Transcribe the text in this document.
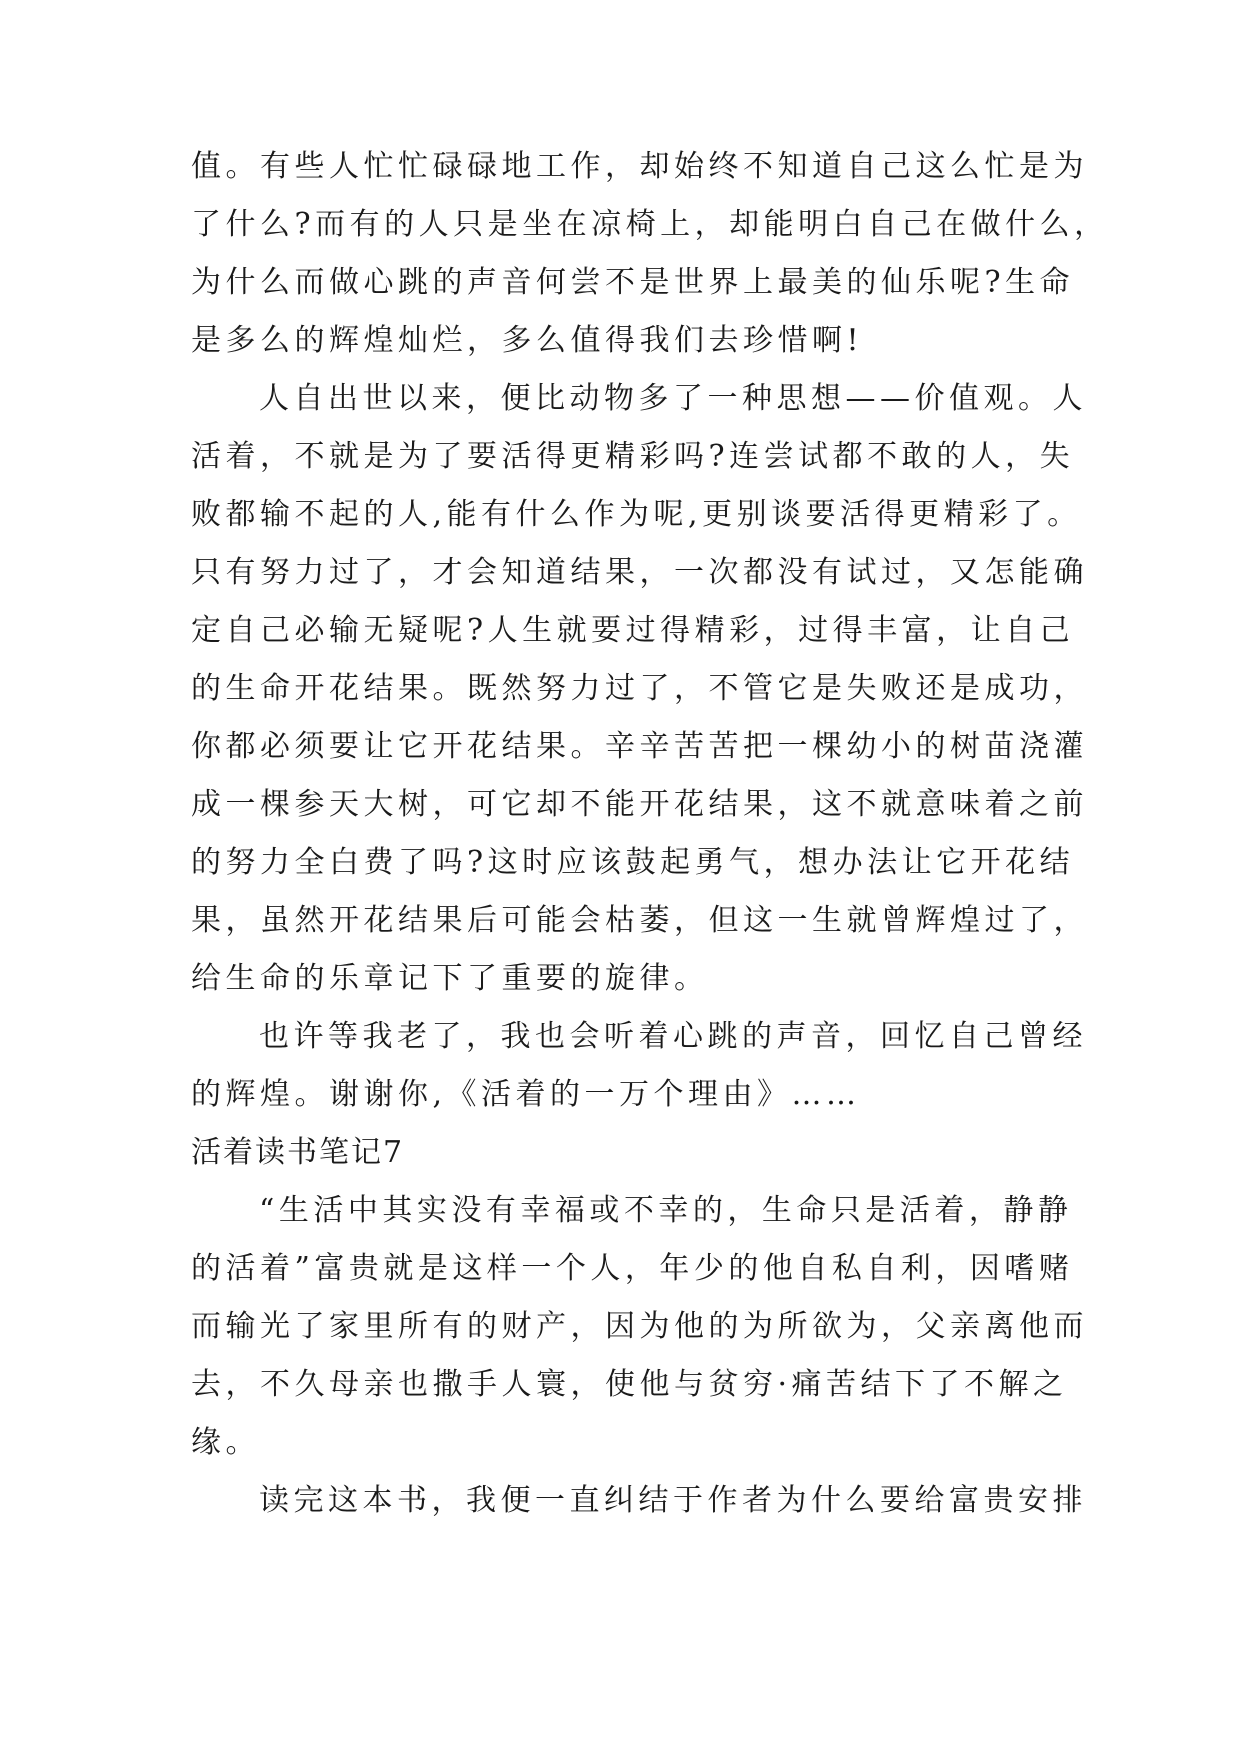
值。有些人忙忙碌碌地工作，却始终不知道自己这么忙是为
了什么?而有的人只是坐在凉椅上，却能明白自己在做什么，
为什么而做心跳的声音何尝不是世界上最美的仙乐呢?生命
是多么的辉煌灿烂，多么值得我们去珍惜啊!
人自出世以来，便比动物多了一种思想——价值观。人
活着，不就是为了要活得更精彩吗?连尝试都不敢的人，失
败都输不起的人,能有什么作为呢,更别谈要活得更精彩了。
只有努力过了，才会知道结果，一次都没有试过，又怎能确
定自己必输无疑呢?人生就要过得精彩，过得丰富，让自己
的生命开花结果。既然努力过了，不管它是失败还是成功，
你都必须要让它开花结果。辛辛苦苦把一棵幼小的树苗浇灌
成一棵参天大树，可它却不能开花结果，这不就意味着之前
的努力全白费了吗?这时应该鼓起勇气，想办法让它开花结
果，虽然开花结果后可能会枯萎，但这一生就曾辉煌过了，
给生命的乐章记下了重要的旋律。
也许等我老了，我也会听着心跳的声音，回忆自己曾经
的辉煌。谢谢你,《活着的一万个理由》……
活着读书笔记7
“生活中其实没有幸福或不幸的，生命只是活着，静静
的活着”富贵就是这样一个人，年少的他自私自利，因嗜赌
而输光了家里所有的财产，因为他的为所欲为，父亲离他而
去，不久母亲也撒手人寰，使他与贫穷·痛苦结下了不解之
缘。
读完这本书，我便一直纠结于作者为什么要给富贵安排
